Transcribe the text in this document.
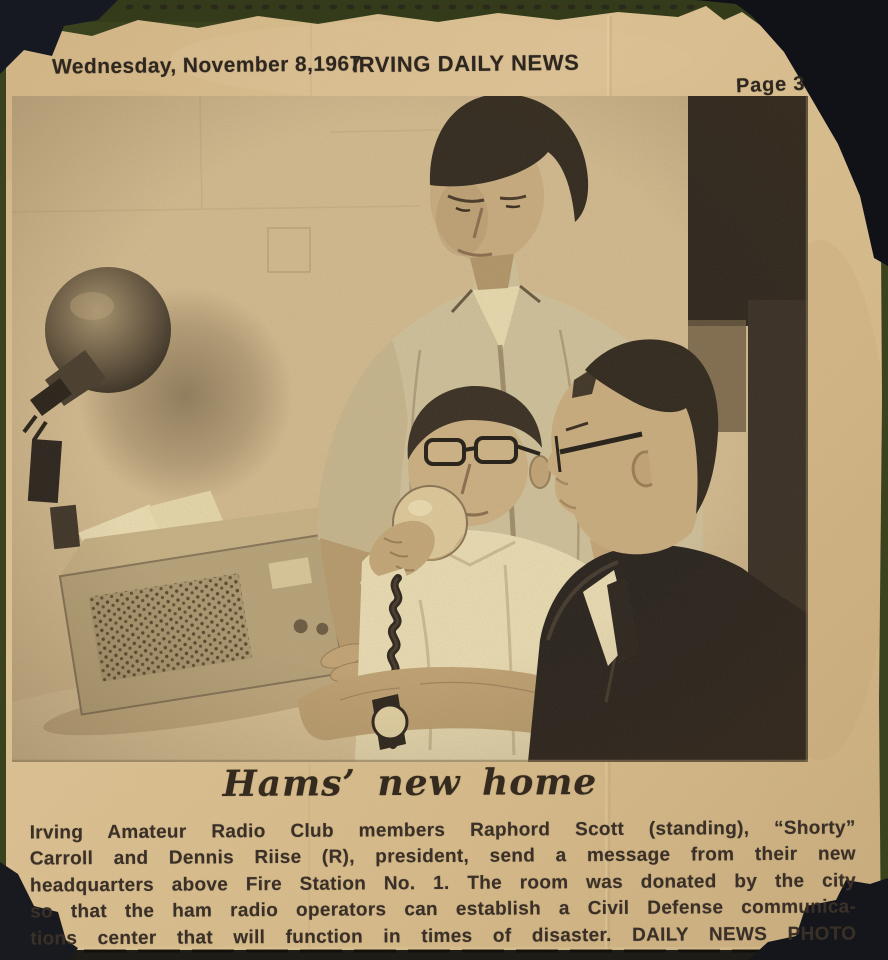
Wednesday, November 8,1967
IRVING DAILY NEWS
Page 3
Hams’ new home
Irving Amateur Radio Club members Raphord Scott (standing), “Shorty”
Carroll and Dennis Riise (R), president, send a message from their new
headquarters above Fire Station No. 1. The room was donated by the city
so that the ham radio operators can establish a Civil Defense communica-
tions center that will function in times of disaster. DAILY NEWS PHOTO
